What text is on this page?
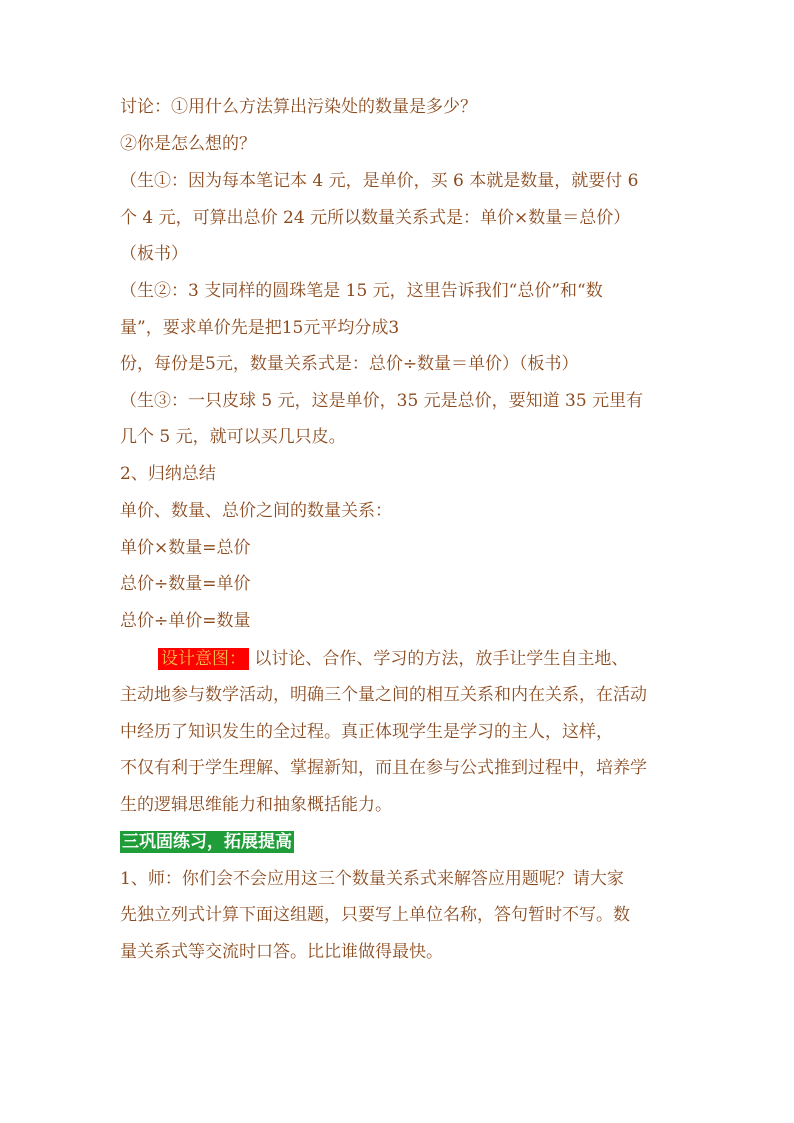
讨论：①用什么方法算出污染处的数量是多少？
②你是怎么想的？
（生①：因为每本笔记本 4 元，是单价，买 6 本就是数量，就要付 6
个 4 元，可算出总价 24 元所以数量关系式是：单价×数量＝总价）
（板书）
（生②：3 支同样的圆珠笔是 15 元，这里告诉我们“总价”和“数
量”，要求单价先是把15元平均分成3
份，每份是5元，数量关系式是：总价÷数量＝单价）（板书）
（生③：一只皮球 5 元，这是单价，35 元是总价，要知道 35 元里有
几个 5 元，就可以买几只皮。
2、归纳总结
单价、数量、总价之间的数量关系：
单价×数量=总价
总价÷数量=单价
总价÷单价=数量
设计意图： 以讨论、合作、学习的方法，放手让学生自主地、
主动地参与数学活动，明确三个量之间的相互关系和内在关系，在活动
中经历了知识发生的全过程。真正体现学生是学习的主人，这样，
不仅有利于学生理解、掌握新知，而且在参与公式推到过程中，培养学
生的逻辑思维能力和抽象概括能力。
三巩固练习，拓展提高
1、师：你们会不会应用这三个数量关系式来解答应用题呢？请大家
先独立列式计算下面这组题，只要写上单位名称，答句暂时不写。数
量关系式等交流时口答。比比谁做得最快。
